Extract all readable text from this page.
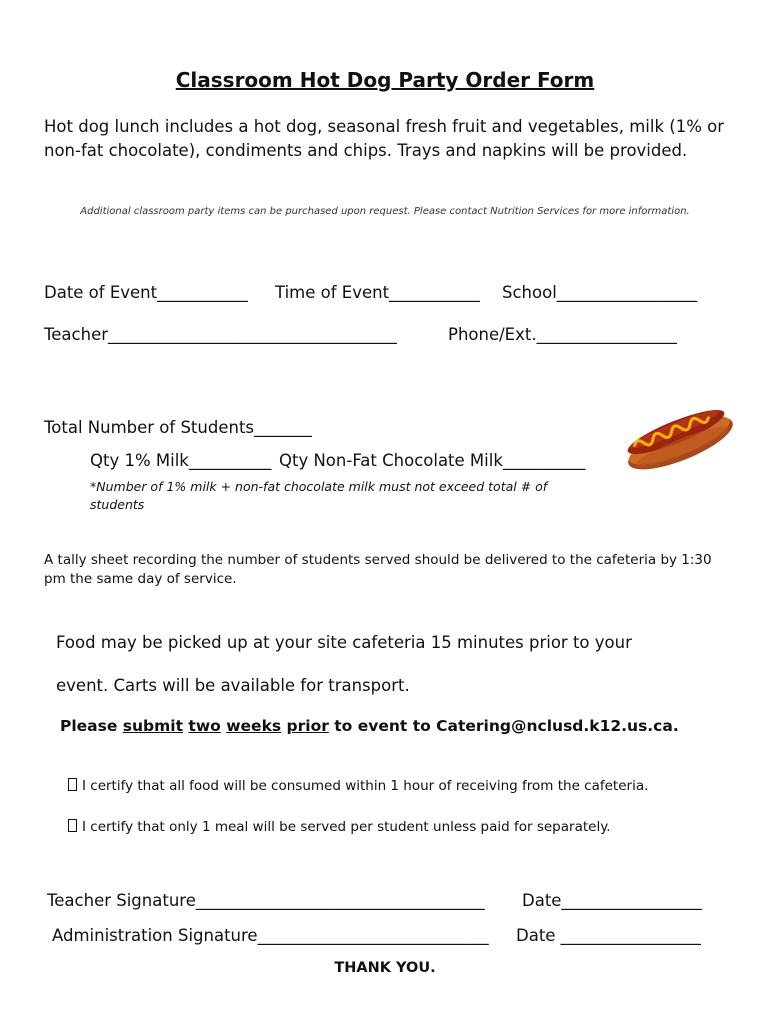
Classroom Hot Dog Party Order Form
Hot dog lunch includes a hot dog, seasonal fresh fruit and vegetables, milk (1% or non-fat chocolate), condiments and chips. Trays and napkins will be provided.
Additional classroom party items can be purchased upon request. Please contact Nutrition Services for more information.
Date of Event___________ Time of Event___________ School_________________
Teacher___________________________________	Phone/Ext._________________
Total Number of Students_______
Qty 1% Milk__________ Qty Non-Fat Chocolate Milk__________
*Number of 1% milk + non-fat chocolate milk must not exceed total # of students
A tally sheet recording the number of students served should be delivered to the cafeteria by 1:30 pm the same day of service.
Food may be picked up at your site cafeteria 15 minutes prior to your
event. Carts will be available for transport.
Please submit two weeks prior to event to Catering@nclusd.k12.us.ca.
I certify that all food will be consumed within 1 hour of receiving from the cafeteria.
I certify that only 1 meal will be served per student unless paid for separately.
Teacher Signature___________________________________ Date_________________
Administration Signature____________________________ Date _________________
THANK YOU.
